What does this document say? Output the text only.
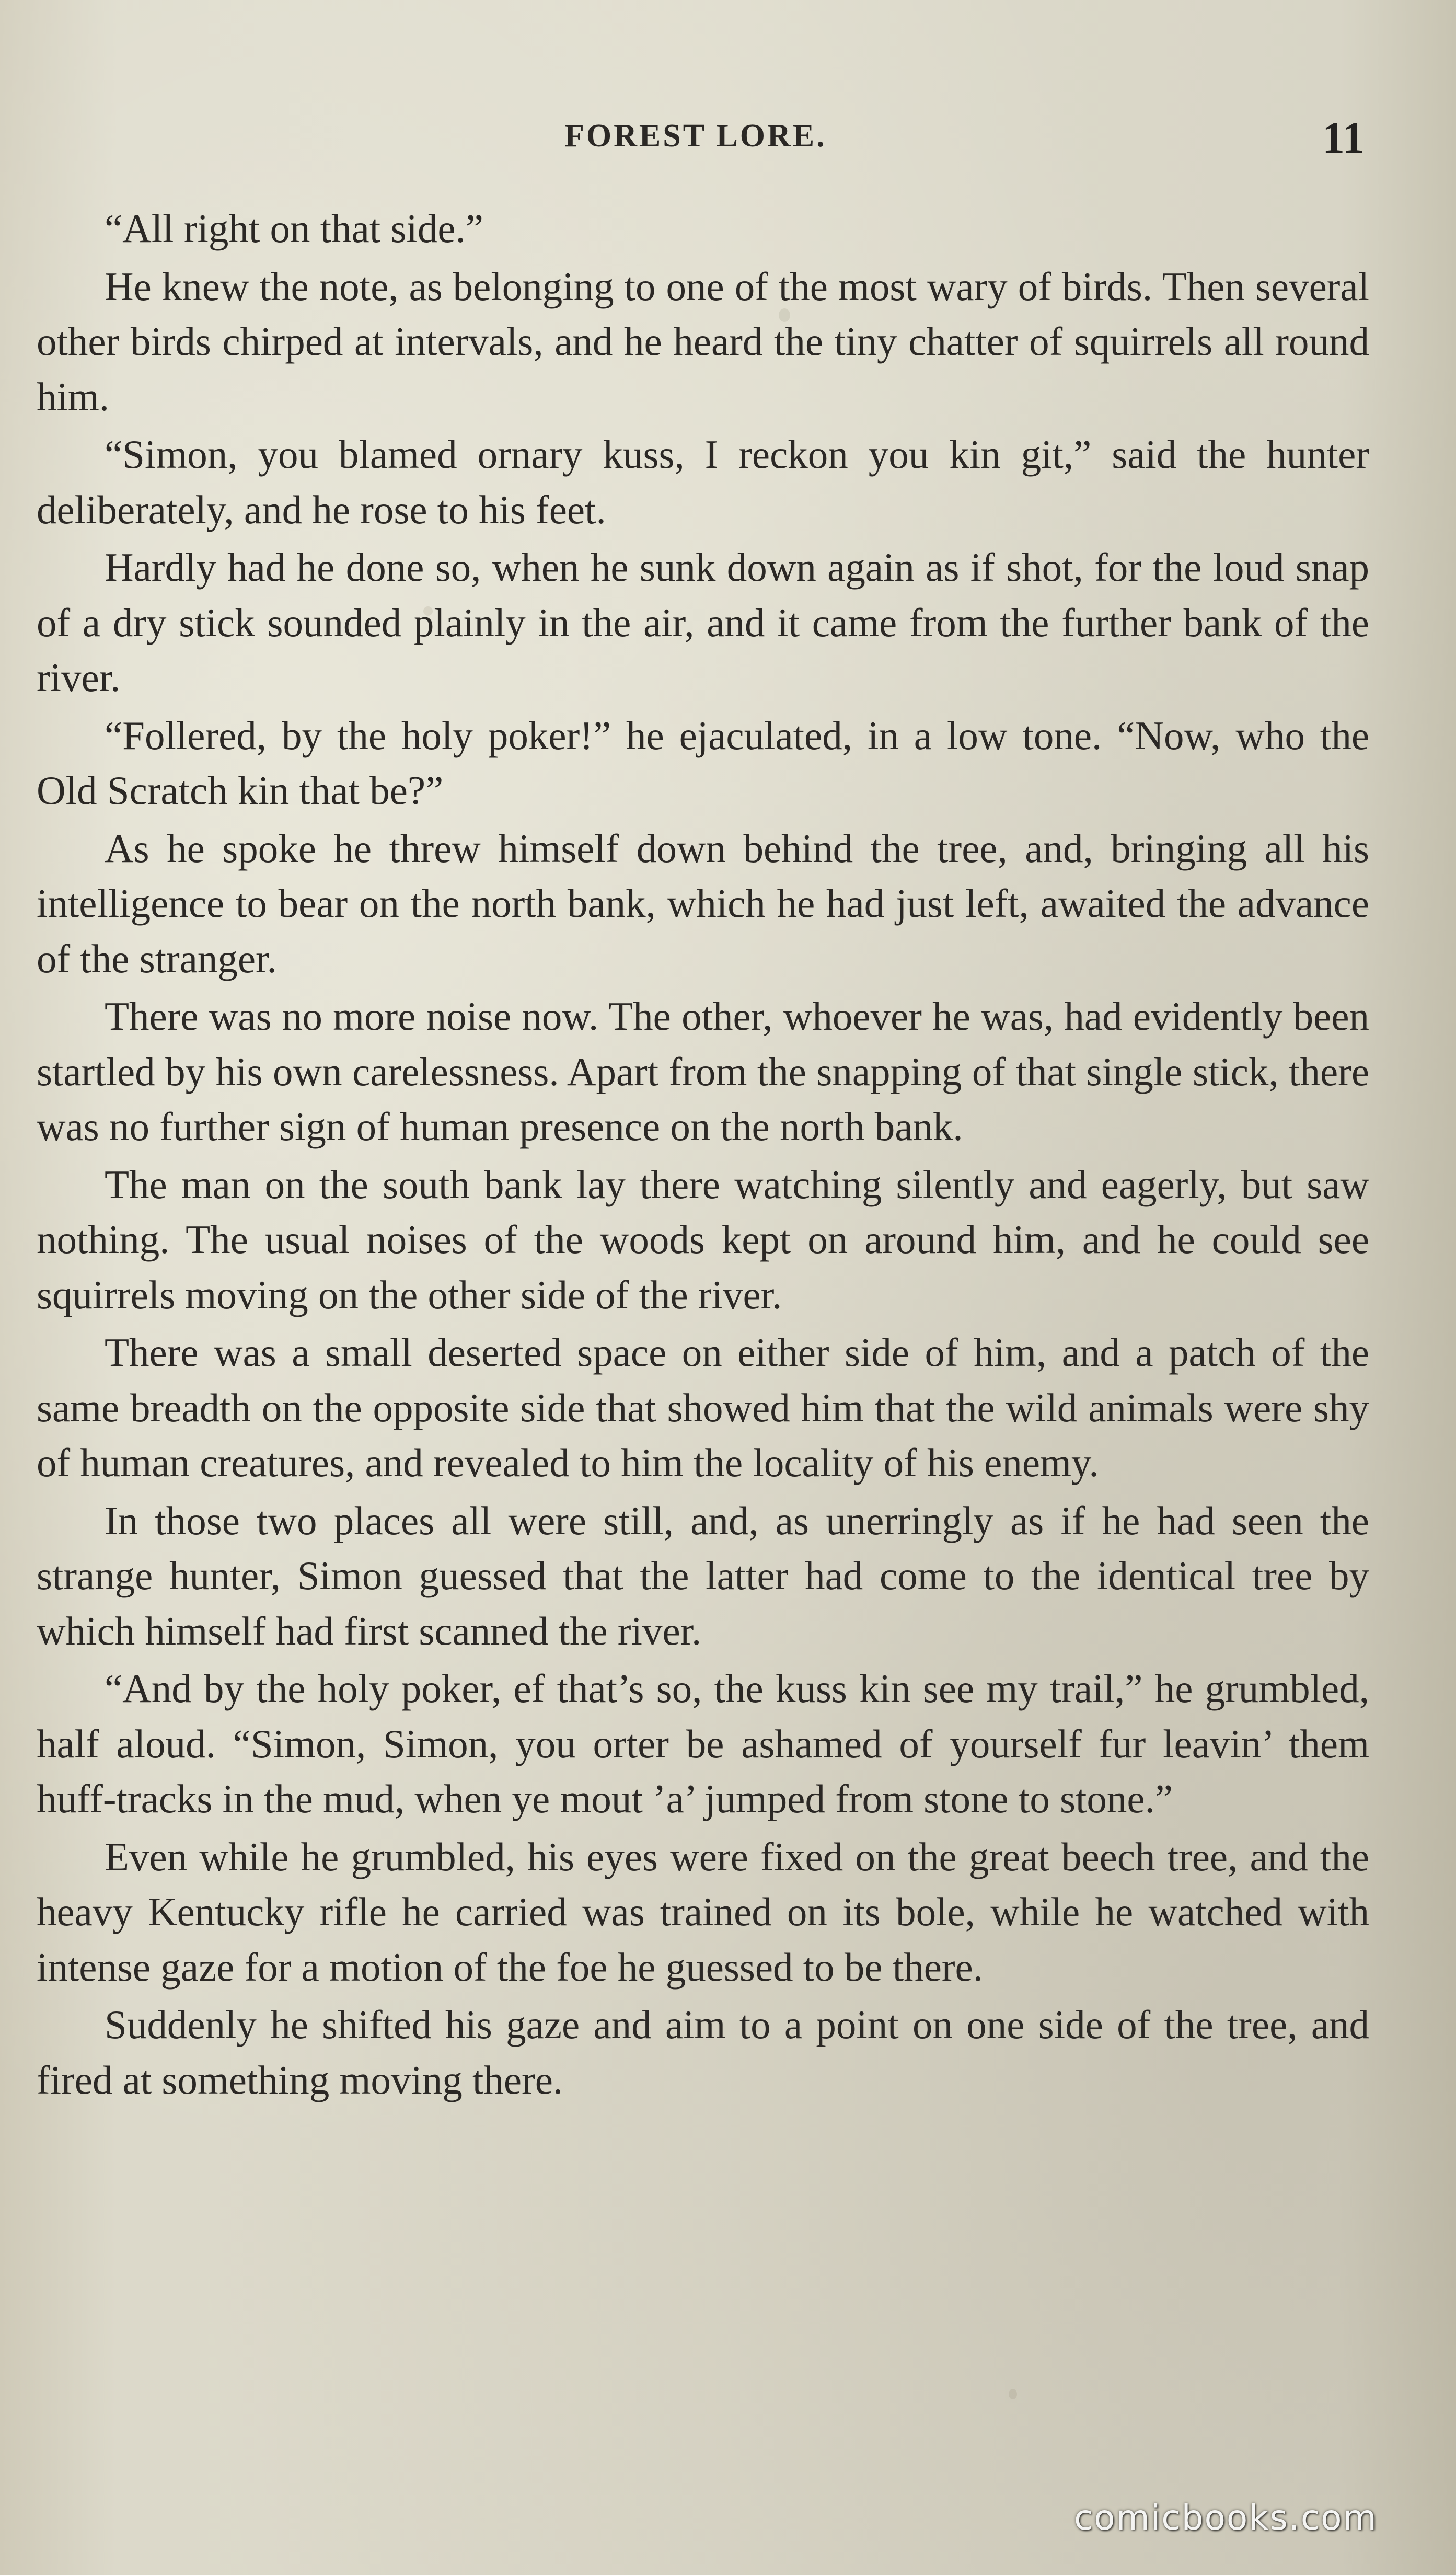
FOREST LORE.	11

“All right on that side.”

He knew the note, as belonging to one of the most wary of birds. Then several other birds chirped at intervals, and he heard the tiny chatter of squirrels all round him.

“Simon, you blamed ornary kuss, I reckon you kin git,” said the hunter deliberately, and he rose to his feet.

Hardly had he done so, when he sunk down again as if shot, for the loud snap of a dry stick sounded plainly in the air, and it came from the further bank of the river.

“Follered, by the holy poker!” he ejaculated, in a low tone. “Now, who the Old Scratch kin that be?”

As he spoke he threw himself down behind the tree, and, bringing all his intelligence to bear on the north bank, which he had just left, awaited the advance of the stranger.

There was no more noise now. The other, whoever he was, had evidently been startled by his own carelessness. Apart from the snapping of that single stick, there was no further sign of human presence on the north bank.

The man on the south bank lay there watching silently and eagerly, but saw nothing. The usual noises of the woods kept on around him, and he could see squirrels moving on the other side of the river.

There was a small deserted space on either side of him, and a patch of the same breadth on the opposite side that showed him that the wild animals were shy of human creatures, and revealed to him the locality of his enemy.

In those two places all were still, and, as unerringly as if he had seen the strange hunter, Simon guessed that the latter had come to the identical tree by which himself had first scanned the river.

“And by the holy poker, ef that’s so, the kuss kin see my trail,” he grumbled, half aloud. “Simon, Simon, you orter be ashamed of yourself fur leavin’ them huff-tracks in the mud, when ye mout ’a’ jumped from stone to stone.”

Even while he grumbled, his eyes were fixed on the great beech tree, and the heavy Kentucky rifle he carried was trained on its bole, while he watched with intense gaze for a motion of the foe he guessed to be there.

Suddenly he shifted his gaze and aim to a point on one side of the tree, and fired at something moving there.

comicbooks.com
